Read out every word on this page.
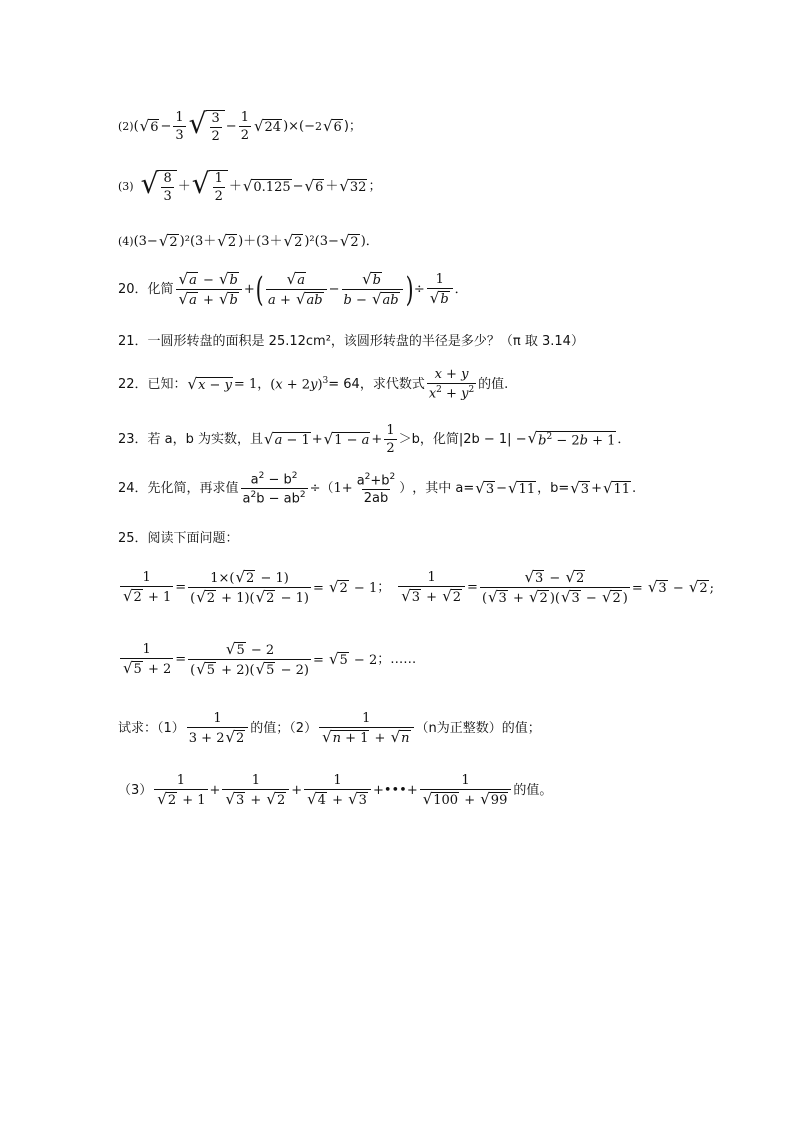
(2) ( √ $6 - \frac{1}{3}$ √ $\frac{3}{2} - \frac{1}{2}$ √ 24 )×(− 2 √ 6 )；
(3) √ $\frac{8}{3}$ ＋ √ $\frac{1}{2}$ ＋ √ 0.125 − √ 6 ＋ √ 32 ；
(4) (3− √ 2 )²(3＋ √ 2 )＋(3＋ √ 2 )²(3− √ 2 )．
20．化简 $\frac{√ a - √ b}{√ a + √ b}$ + ( $\frac{√ a}{a + √ ab} - \frac{√ b}{b - √ ab}$ ) ÷ $\frac{1}{√ b}$ ．
21．一圆形转盘的面积是 25.12cm²，该圆形转盘的半径是多少？（π 取 3.14）
22．已知： √ x − y = 1， $(x + 2y)^3 = 64$，求代数式 $\frac{x + y}{x^2 + y^2}$ 的值.
23．若 a，b 为实数，且 √ a − 1 + √ $1 - a + \frac{1}{2} >b$，化简|2b − 1| − √ $b^2 - 2b + 1$ ．
24．先化简，再求值 $\frac{a^2 - b^2}{a^2b - ab^2} \div(1+ \frac{a^2+b^2}{2ab}$ ） ，其中 a= √ 3 − √ 11 ，b= √ 3 + √ 11 .
25．阅读下面问题：
$\frac{1}{√ 2 + 1} = \frac{1\times( √ 2 - 1)}{( √ 2 + 1)( √ 2 - 1)}$ = √ 2 − 1 ； $\frac{1}{√ 3 + √ 2} = \frac{√ 3 - √ 2}{( √ 3 + √ 2 )( √ 3 - √ 2 )}$ = √ 3 − √ 2 ;
$\frac{1}{√ 5 + 2} = \frac{√ 5 - 2}{( √ 5 + 2)( √ 5 - 2)}$ = √ 5 − 2 ；……
试求：$(1) \frac{1}{3 + 2 √ 2}$ 的值；$(2) \frac{1}{√ n + 1 + √ n} (n$为正整数）的值；
$(3) \frac{1}{√ 2 + 1} + \frac{1}{√ 3 + √ 2} + \frac{1}{√ 4 + √ 3}$ +•••+ $\frac{1}{√ 100 + √ 99}$ 的值。
